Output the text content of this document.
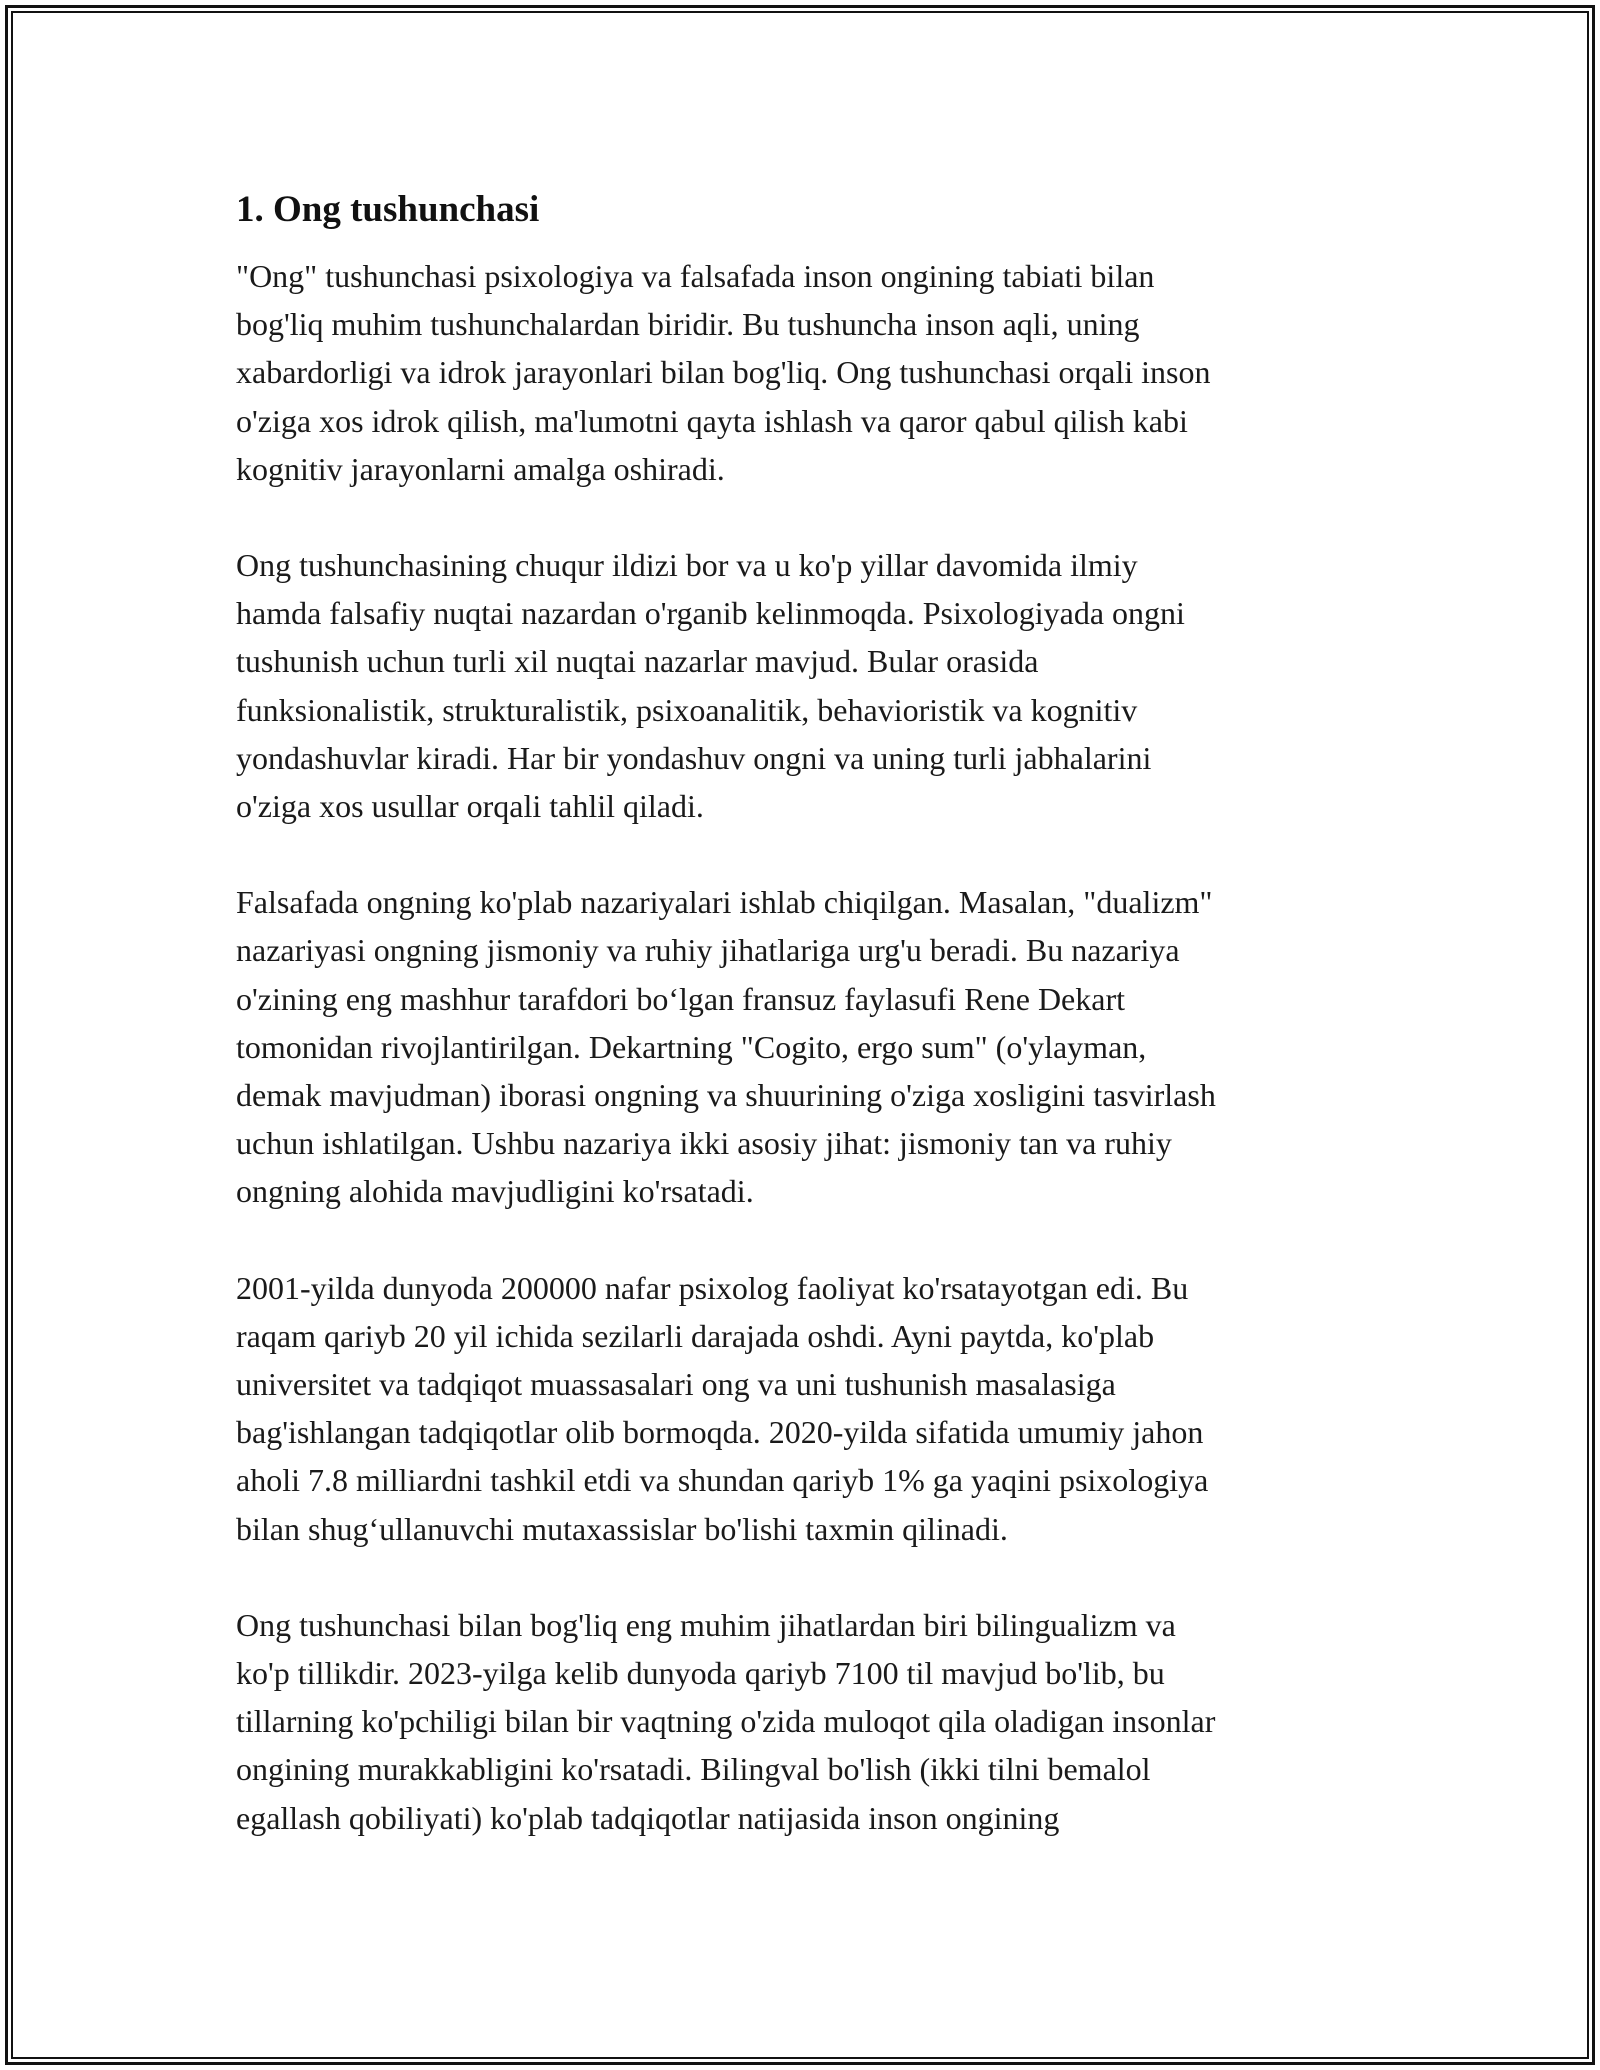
1. Ong tushunchasi

"Ong" tushunchasi psixologiya va falsafada inson ongining tabiati bilan
bog'liq muhim tushunchalardan biridir. Bu tushuncha inson aqli, uning
xabardorligi va idrok jarayonlari bilan bog'liq. Ong tushunchasi orqali inson
o'ziga xos idrok qilish, ma'lumotni qayta ishlash va qaror qabul qilish kabi
kognitiv jarayonlarni amalga oshiradi.

Ong tushunchasining chuqur ildizi bor va u ko'p yillar davomida ilmiy
hamda falsafiy nuqtai nazardan o'rganib kelinmoqda. Psixologiyada ongni
tushunish uchun turli xil nuqtai nazarlar mavjud. Bular orasida
funksionalistik, strukturalistik, psixoanalitik, behavioristik va kognitiv
yondashuvlar kiradi. Har bir yondashuv ongni va uning turli jabhalarini
o'ziga xos usullar orqali tahlil qiladi.

Falsafada ongning ko'plab nazariyalari ishlab chiqilgan. Masalan, "dualizm"
nazariyasi ongning jismoniy va ruhiy jihatlariga urg'u beradi. Bu nazariya
o'zining eng mashhur tarafdori bo‘lgan fransuz faylasufi Rene Dekart
tomonidan rivojlantirilgan. Dekartning "Cogito, ergo sum" (o'ylayman,
demak mavjudman) iborasi ongning va shuurining o'ziga xosligini tasvirlash
uchun ishlatilgan. Ushbu nazariya ikki asosiy jihat: jismoniy tan va ruhiy
ongning alohida mavjudligini ko'rsatadi.

2001-yilda dunyoda 200000 nafar psixolog faoliyat ko'rsatayotgan edi. Bu
raqam qariyb 20 yil ichida sezilarli darajada oshdi. Ayni paytda, ko'plab
universitet va tadqiqot muassasalari ong va uni tushunish masalasiga
bag'ishlangan tadqiqotlar olib bormoqda. 2020-yilda sifatida umumiy jahon
aholi 7.8 milliardni tashkil etdi va shundan qariyb 1% ga yaqini psixologiya
bilan shug‘ullanuvchi mutaxassislar bo'lishi taxmin qilinadi.

Ong tushunchasi bilan bog'liq eng muhim jihatlardan biri bilingualizm va
ko'p tillikdir. 2023-yilga kelib dunyoda qariyb 7100 til mavjud bo'lib, bu
tillarning ko'pchiligi bilan bir vaqtning o'zida muloqot qila oladigan insonlar
ongining murakkabligini ko'rsatadi. Bilingval bo'lish (ikki tilni bemalol
egallash qobiliyati) ko'plab tadqiqotlar natijasida inson ongining
